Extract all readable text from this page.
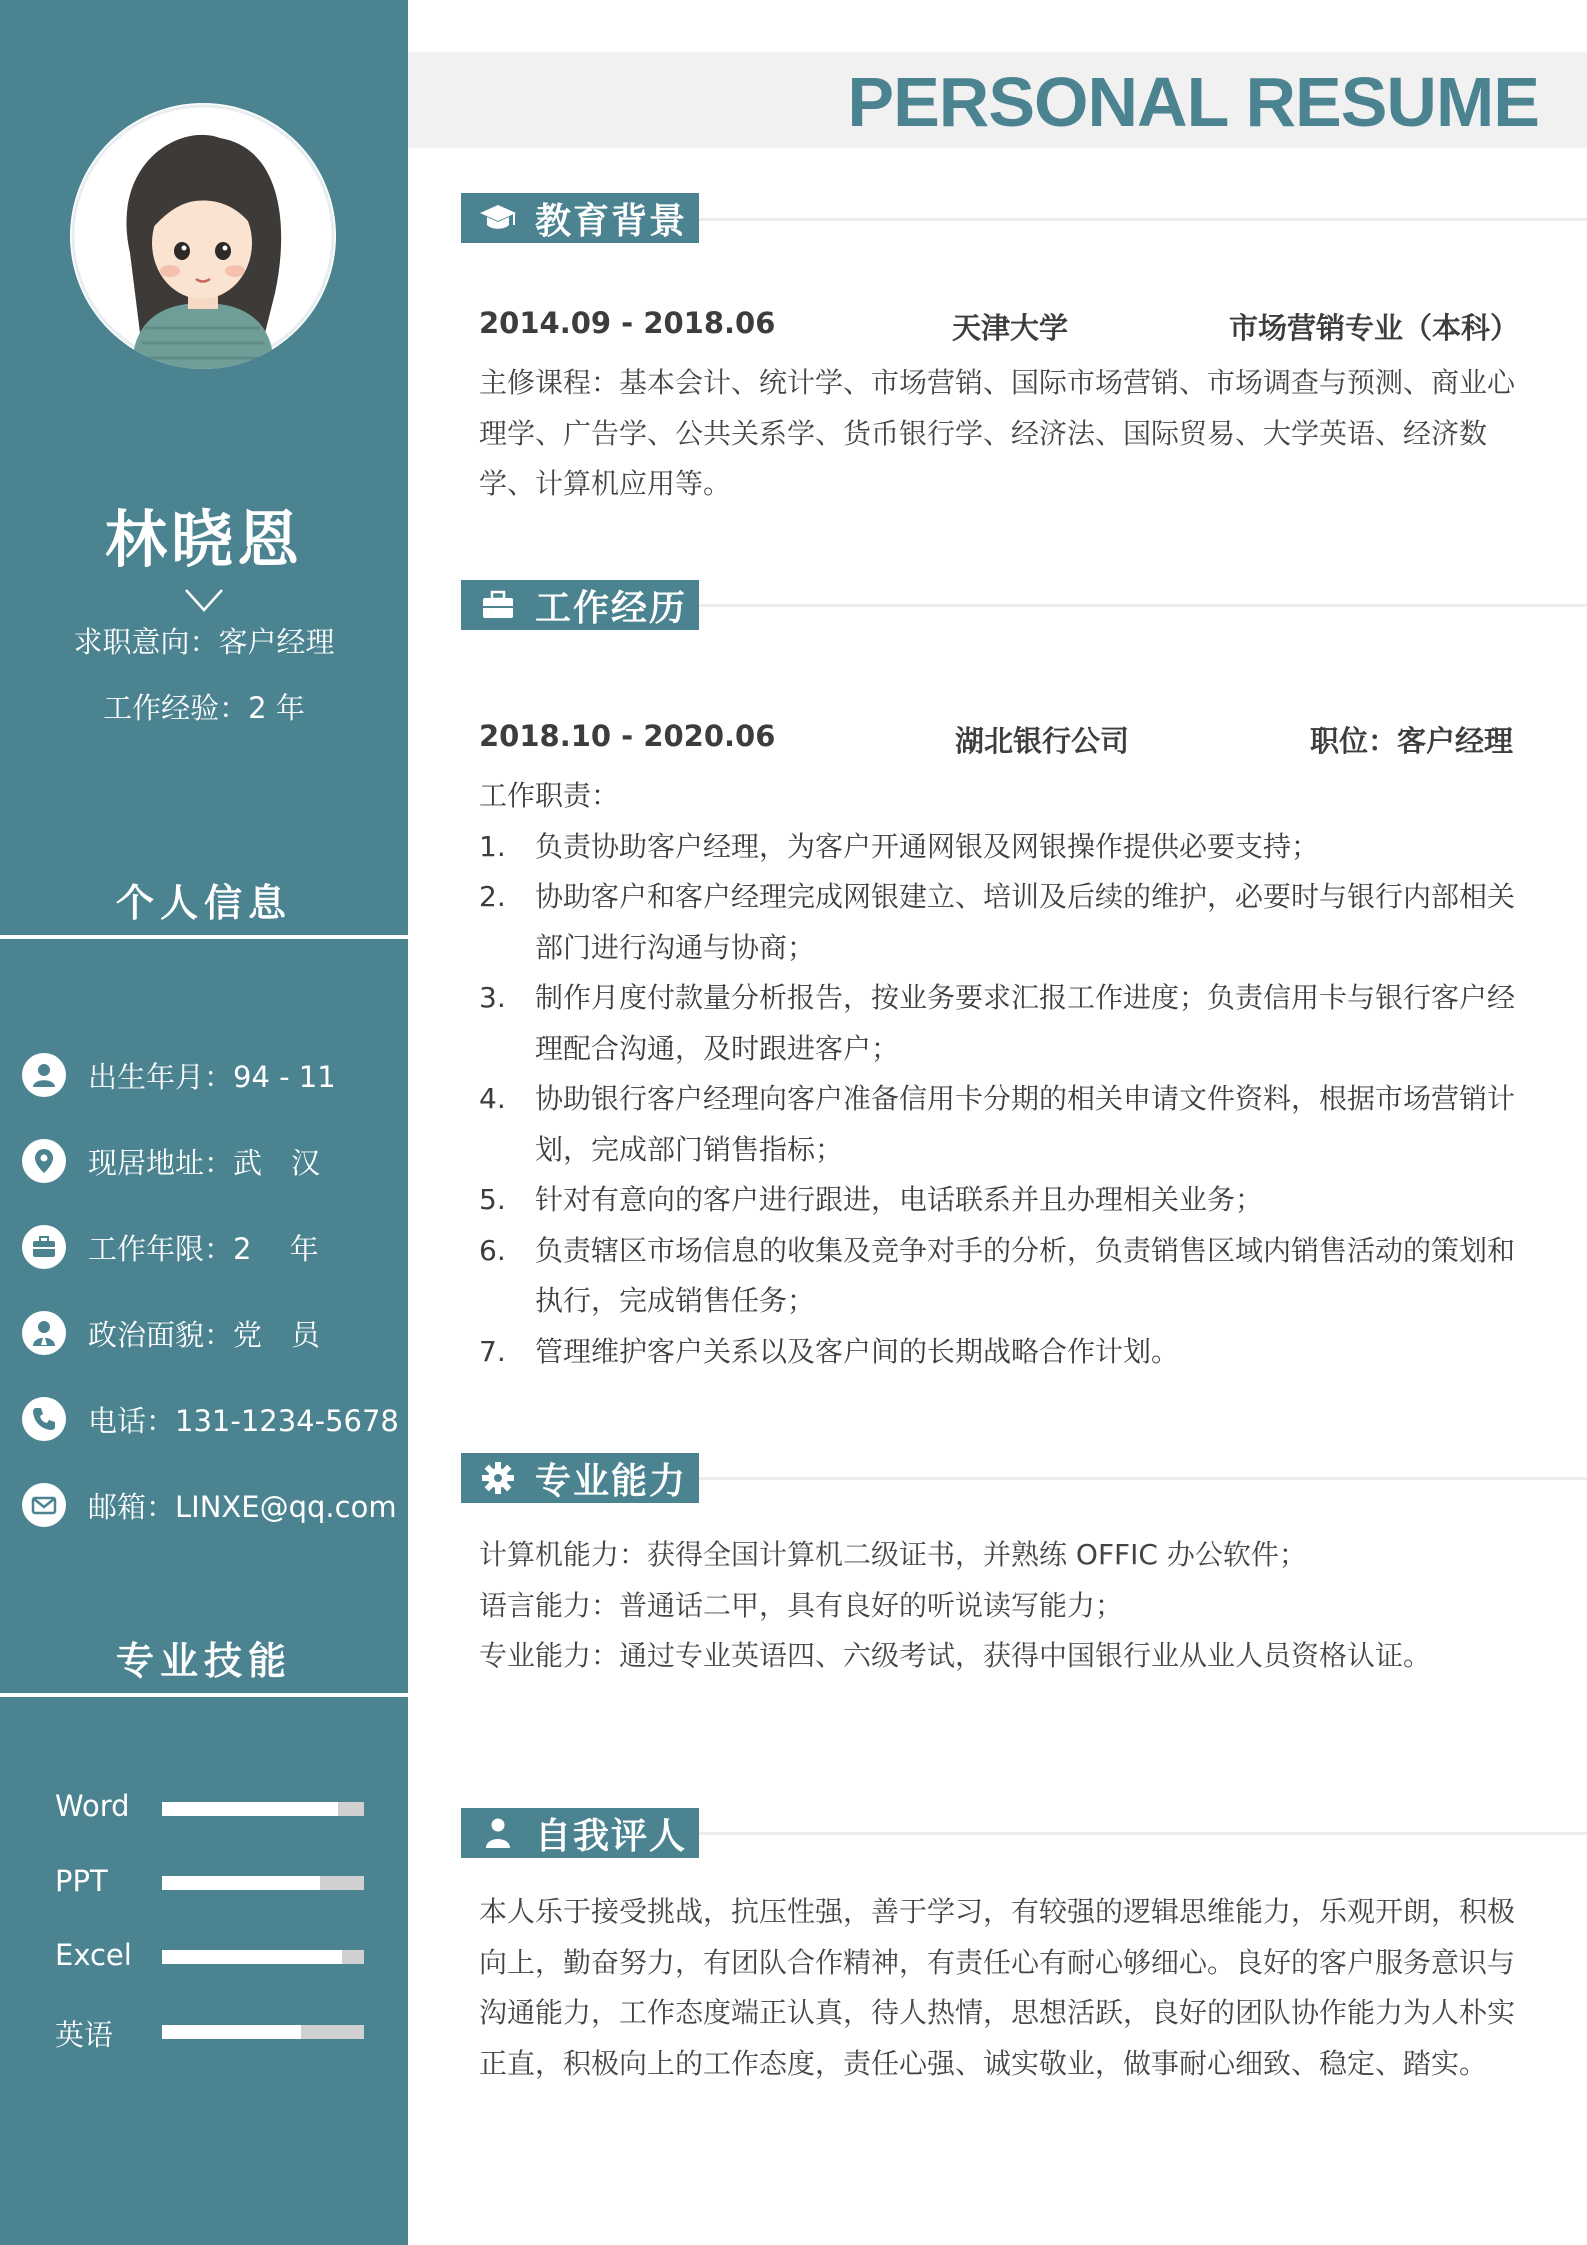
林晓恩
求职意向：客户经理
工作经验：2 年
个人信息
出生年月：94 - 11
现居地址：武　汉
工作年限：2　 年
政治面貌：党　员
电话：131-1234-5678
邮箱：LINXE@qq.com
专业技能
Word
PPT
Excel
英语
PERSONAL RESUME
教育背景
2014.09 - 2018.06	天津大学	市场营销专业（本科）
主修课程：基本会计、统计学、市场营销、国际市场营销、市场调查与预测、商业心理学、广告学、公共关系学、货币银行学、经济法、国际贸易、大学英语、经济数学、计算机应用等。
工作经历
2018.10 - 2020.06	湖北银行公司	职位：客户经理
工作职责：
1. 负责协助客户经理，为客户开通网银及网银操作提供必要支持；
2. 协助客户和客户经理完成网银建立、培训及后续的维护，必要时与银行内部相关部门进行沟通与协商；
3. 制作月度付款量分析报告，按业务要求汇报工作进度；负责信用卡与银行客户经理配合沟通，及时跟进客户；
4. 协助银行客户经理向客户准备信用卡分期的相关申请文件资料，根据市场营销计划，完成部门销售指标；
5. 针对有意向的客户进行跟进，电话联系并且办理相关业务；
6. 负责辖区市场信息的收集及竞争对手的分析，负责销售区域内销售活动的策划和执行，完成销售任务；
7. 管理维护客户关系以及客户间的长期战略合作计划。
专业能力
计算机能力：获得全国计算机二级证书，并熟练 OFFIC 办公软件；
语言能力：普通话二甲，具有良好的听说读写能力；
专业能力：通过专业英语四、六级考试，获得中国银行业从业人员资格认证。
自我评人
本人乐于接受挑战，抗压性强，善于学习，有较强的逻辑思维能力，乐观开朗，积极向上，勤奋努力，有团队合作精神，有责任心有耐心够细心。良好的客户服务意识与沟通能力，工作态度端正认真，待人热情，思想活跃，良好的团队协作能力为人朴实正直，积极向上的工作态度，责任心强、诚实敬业，做事耐心细致、稳定、踏实。
